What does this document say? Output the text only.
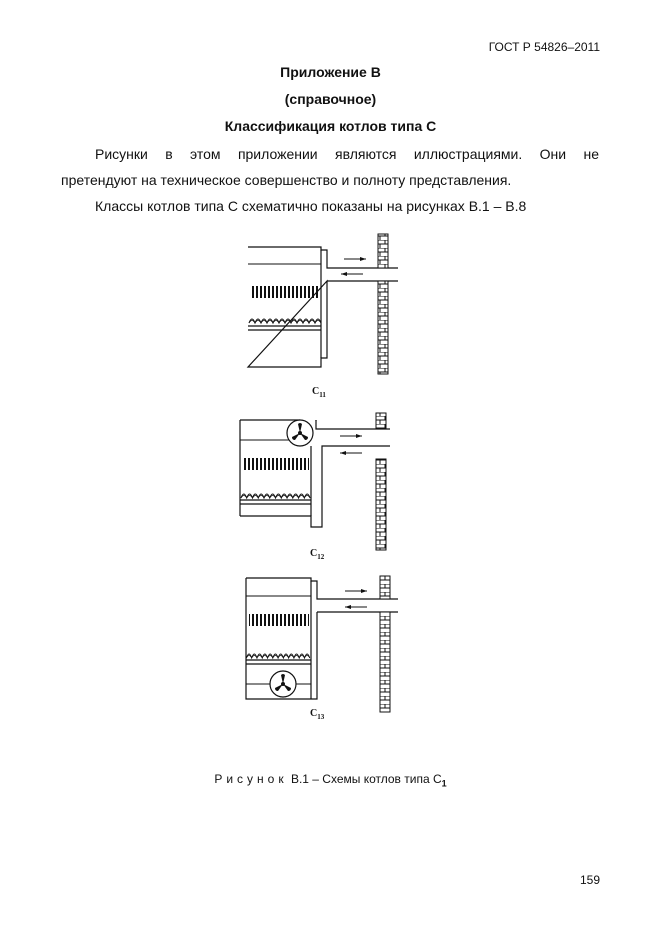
ГОСТ Р 54826–2011
Приложение В
(справочное)
Классификация котлов типа С
Рисунки в этом приложении являются иллюстрациями. Они не
претендуют на техническое совершенство и полноту представления.
Классы котлов типа С схематично показаны на рисунках В.1 – В.8
$C_{11}$
$C_{12}$
$C_{13}$
Рисунок В.1 – Схемы котлов типа $С_1$
159
